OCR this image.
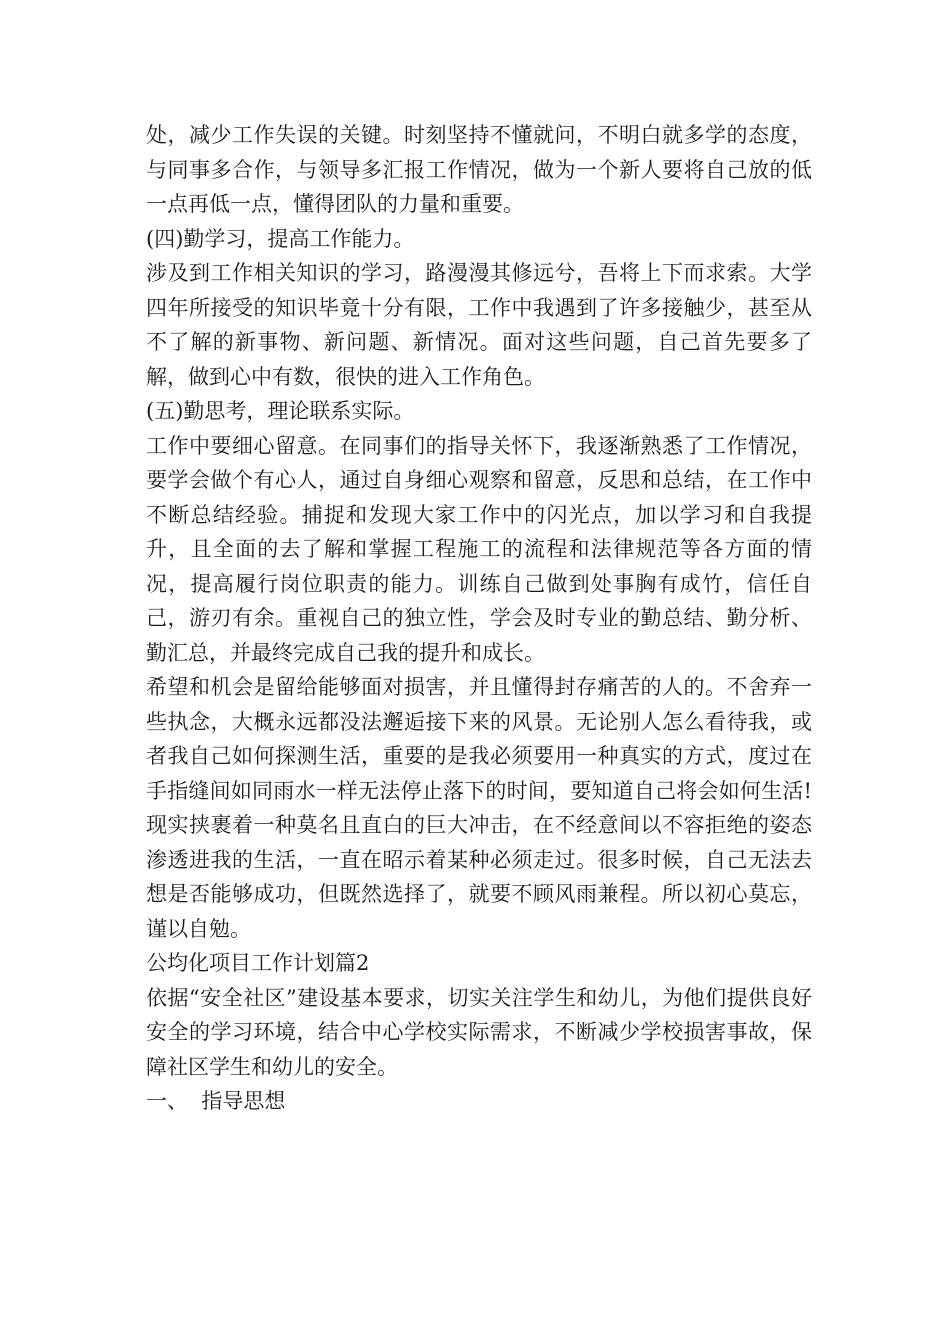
处，减少工作失误的关键。时刻坚持不懂就问，不明白就多学的态度，与同事多合作，与领导多汇报工作情况，做为一个新人要将自己放的低一点再低一点，懂得团队的力量和重要。

(四)勤学习，提高工作能力。

涉及到工作相关知识的学习，路漫漫其修远兮，吾将上下而求索。大学四年所接受的知识毕竟十分有限，工作中我遇到了许多接触少，甚至从不了解的新事物、新问题、新情况。面对这些问题，自己首先要多了解，做到心中有数，很快的进入工作角色。

(五)勤思考，理论联系实际。

工作中要细心留意。在同事们的指导关怀下，我逐渐熟悉了工作情况，要学会做个有心人，通过自身细心观察和留意，反思和总结，在工作中不断总结经验。捕捉和发现大家工作中的闪光点，加以学习和自我提升，且全面的去了解和掌握工程施工的流程和法律规范等各方面的情况，提高履行岗位职责的能力。训练自己做到处事胸有成竹，信任自己，游刃有余。重视自己的独立性，学会及时专业的勤总结、勤分析、勤汇总，并最终完成自己我的提升和成长。

希望和机会是留给能够面对损害，并且懂得封存痛苦的人的。不舍弃一些执念，大概永远都没法邂逅接下来的风景。无论别人怎么看待我，或者我自己如何探测生活，重要的是我必须要用一种真实的方式，度过在手指缝间如同雨水一样无法停止落下的时间，要知道自己将会如何生活!现实挟裹着一种莫名且直白的巨大冲击，在不经意间以不容拒绝的姿态渗透进我的生活，一直在昭示着某种必须走过。很多时候，自己无法去想是否能够成功，但既然选择了，就要不顾风雨兼程。所以初心莫忘，谨以自勉。

公均化项目工作计划篇2

依据“安全社区”建设基本要求，切实关注学生和幼儿，为他们提供良好安全的学习环境，结合中心学校实际需求，不断减少学校损害事故，保障社区学生和幼儿的安全。

一、  指导思想
